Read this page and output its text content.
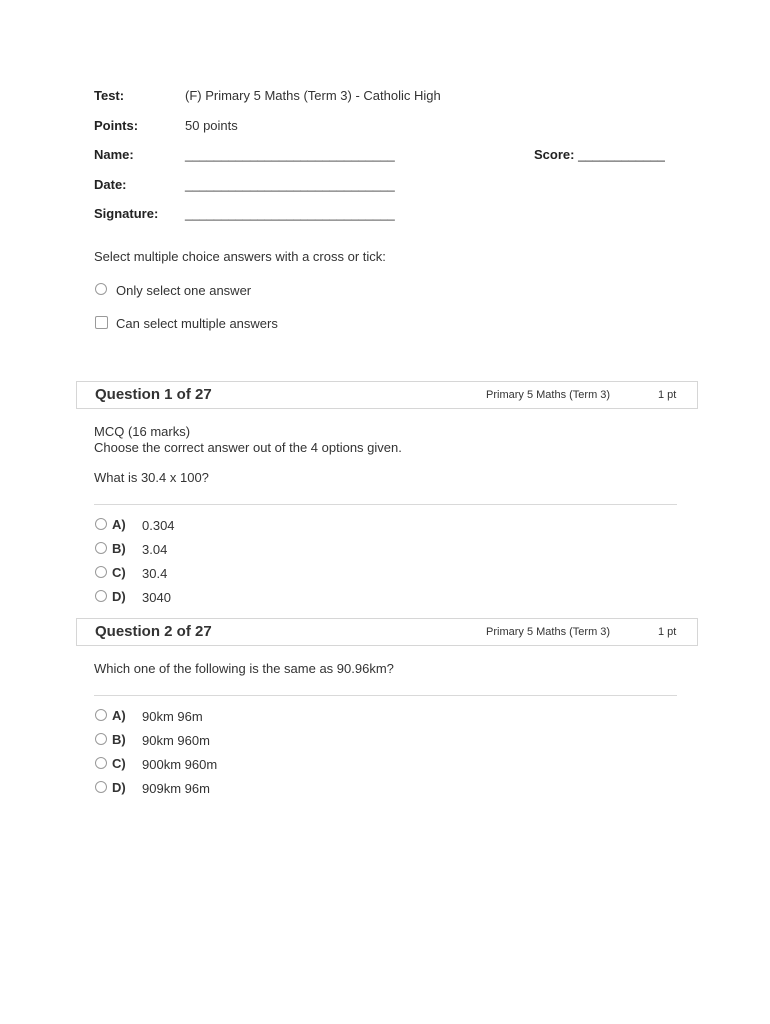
Test:	(F) Primary 5 Maths (Term 3) - Catholic High
Points:	50 points
Name:	_____________________________	Score: ____________
Date:	_____________________________
Signature: _____________________________
Select multiple choice answers with a cross or tick:
Only select one answer
Can select multiple answers
Question 1 of 27	Primary 5 Maths (Term 3)	1 pt
MCQ (16 marks)
Choose the correct answer out of the 4 options given.
What is 30.4 x 100?
A) 0.304
B) 3.04
C) 30.4
D) 3040
Question 2 of 27	Primary 5 Maths (Term 3)	1 pt
Which one of the following is the same as 90.96km?
A) 90km 96m
B) 90km 960m
C) 900km 960m
D) 909km 96m
